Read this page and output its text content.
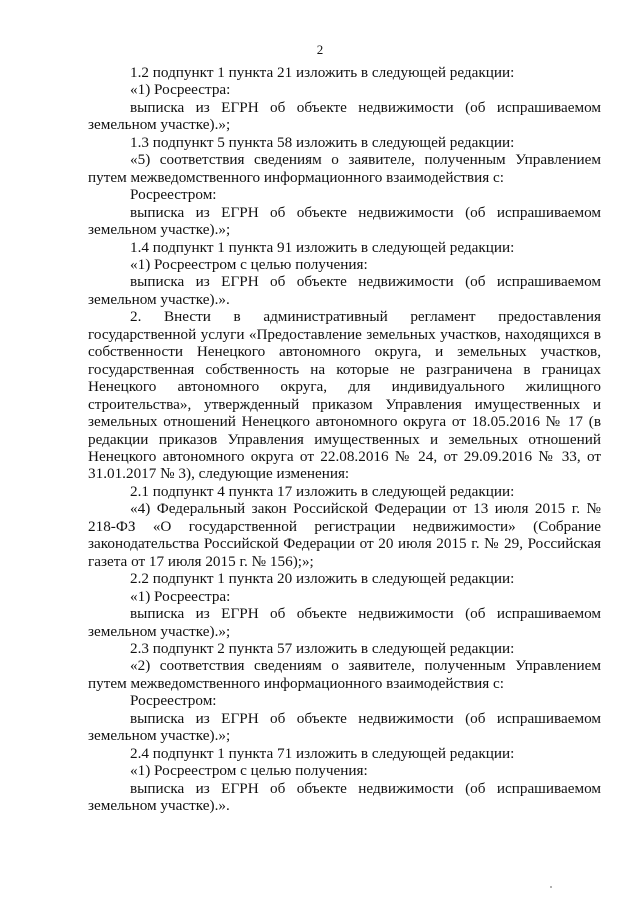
2

1.2 подпункт 1 пункта 21 изложить в следующей редакции:

«1) Росреестра:

выписка из ЕГРН об объекте недвижимости (об испрашиваемом земельном участке).»;

1.3 подпункт 5 пункта 58 изложить в следующей редакции:

«5) соответствия сведениям о заявителе, полученным Управлением путем межведомственного информационного взаимодействия с:

Росреестром:

выписка из ЕГРН об объекте недвижимости (об испрашиваемом земельном участке).»;

1.4 подпункт 1 пункта 91 изложить в следующей редакции:

«1) Росреестром с целью получения:

выписка из ЕГРН об объекте недвижимости (об испрашиваемом земельном участке).».

2. Внести в административный регламент предоставления государственной услуги «Предоставление земельных участков, находящихся в собственности Ненецкого автономного округа, и земельных участков, государственная собственность на которые не разграничена в границах Ненецкого автономного округа, для индивидуального жилищного строительства», утвержденный приказом Управления имущественных и земельных отношений Ненецкого автономного округа от 18.05.2016 № 17 (в редакции приказов Управления имущественных и земельных отношений Ненецкого автономного округа от 22.08.2016 № 24, от 29.09.2016 № 33, от 31.01.2017 № 3), следующие изменения:

2.1 подпункт 4 пункта 17 изложить в следующей редакции:

«4) Федеральный закон Российской Федерации от 13 июля 2015 г. № 218-ФЗ «О государственной регистрации недвижимости» (Собрание законодательства Российской Федерации от 20 июля 2015 г. № 29, Российская газета от 17 июля 2015 г. № 156);»;

2.2 подпункт 1 пункта 20 изложить в следующей редакции:

«1) Росреестра:

выписка из ЕГРН об объекте недвижимости (об испрашиваемом земельном участке).»;

2.3 подпункт 2 пункта 57 изложить в следующей редакции:

«2) соответствия сведениям о заявителе, полученным Управлением путем межведомственного информационного взаимодействия с:

Росреестром:

выписка из ЕГРН об объекте недвижимости (об испрашиваемом земельном участке).»;

2.4 подпункт 1 пункта 71 изложить в следующей редакции:

«1) Росреестром с целью получения:

выписка из ЕГРН об объекте недвижимости (об испрашиваемом земельном участке).».
